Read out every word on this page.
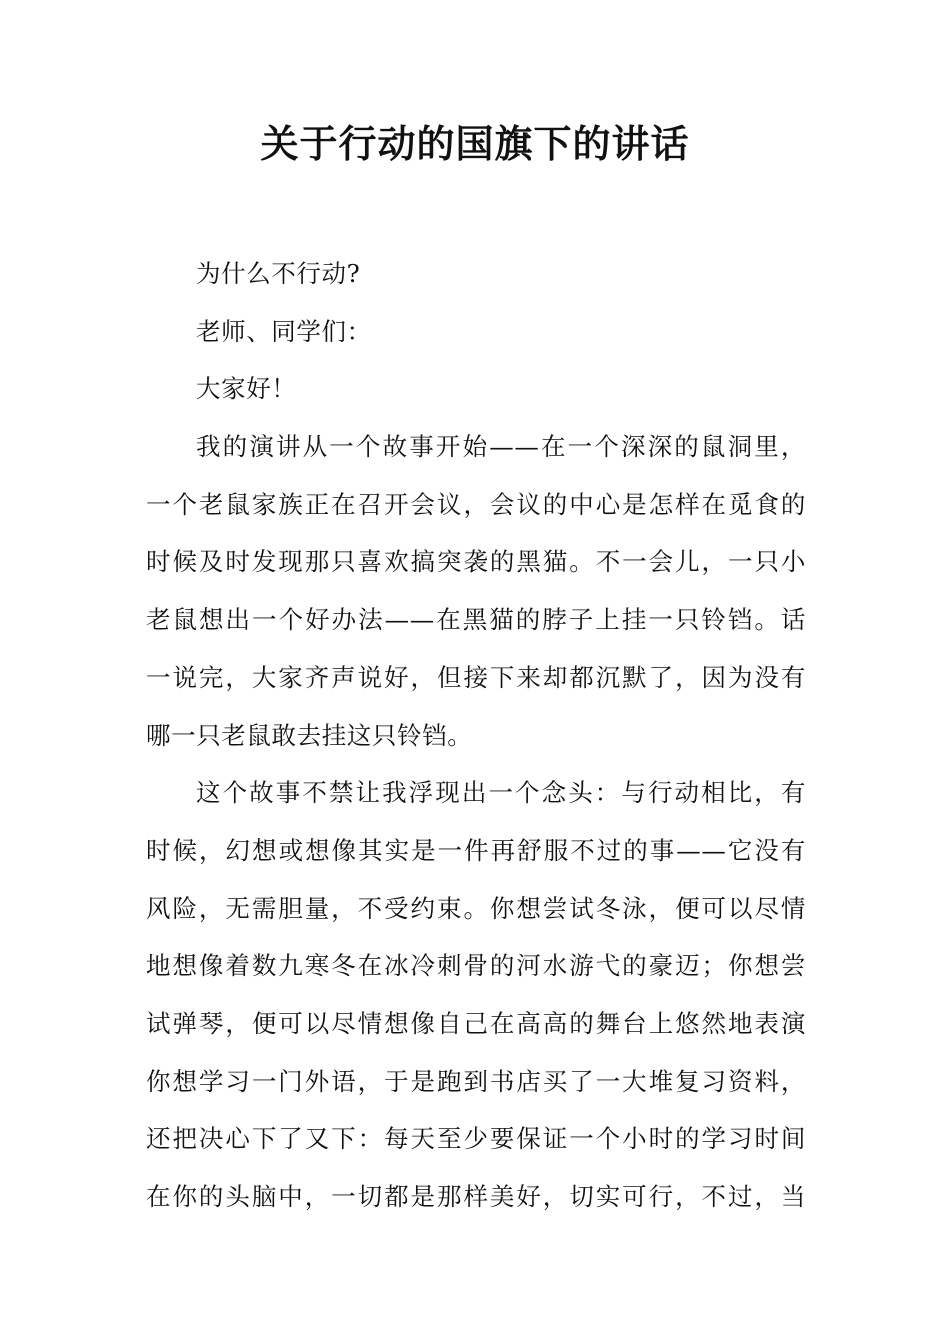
关于行动的国旗下的讲话
为什么不行动?
老师、同学们：
大家好！
我的演讲从一个故事开始——在一个深深的鼠洞里，
一个老鼠家族正在召开会议，会议的中心是怎样在觅食的
时候及时发现那只喜欢搞突袭的黑猫。不一会儿，一只小
老鼠想出一个好办法——在黑猫的脖子上挂一只铃铛。话
一说完，大家齐声说好，但接下来却都沉默了，因为没有
哪一只老鼠敢去挂这只铃铛。
这个故事不禁让我浮现出一个念头：与行动相比，有
时候，幻想或想像其实是一件再舒服不过的事——它没有
风险，无需胆量，不受约束。你想尝试冬泳，便可以尽情
地想像着数九寒冬在冰冷刺骨的河水游弋的豪迈；你想尝
试弹琴，便可以尽情想像自己在高高的舞台上悠然地表演
你想学习一门外语，于是跑到书店买了一大堆复习资料，
还把决心下了又下：每天至少要保证一个小时的学习时间
在你的头脑中，一切都是那样美好，切实可行，不过，当
